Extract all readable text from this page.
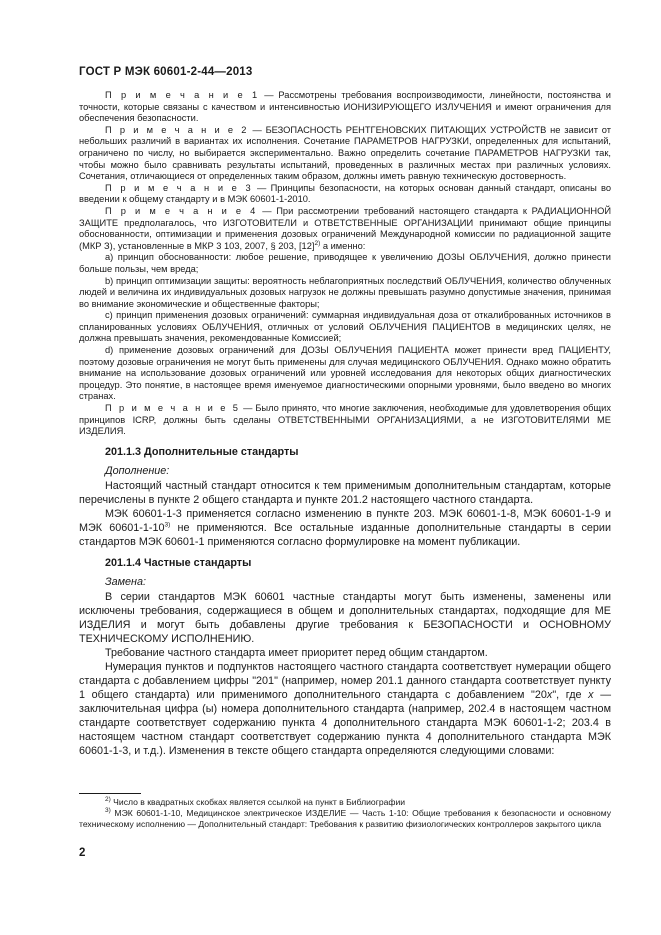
ГОСТ Р МЭК 60601-2-44—2013

П р и м е ч а н и е 1 — Рассмотрены требования воспроизводимости, линейности, постоянства и точности, которые связаны с качеством и интенсивностью ИОНИЗИРУЮЩЕГО ИЗЛУЧЕНИЯ и имеют ограничения для обеспечения безопасности.

П р и м е ч а н и е 2 — БЕЗОПАСНОСТЬ РЕНТГЕНОВСКИХ ПИТАЮЩИХ УСТРОЙСТВ не зависит от небольших различий в вариантах их исполнения. Сочетание ПАРАМЕТРОВ НАГРУЗКИ, определенных для испытаний, ограничено по числу, но выбирается экспериментально. Важно определить сочетание ПАРАМЕТРОВ НАГРУЗКИ так, чтобы можно было сравнивать результаты испытаний, проведенных в различных местах при различных условиях. Сочетания, отличающиеся от определенных таким образом, должны иметь равную техническую достоверность.

П р и м е ч а н и е 3 — Принципы безопасности, на которых основан данный стандарт, описаны во введении к общему стандарту и в МЭК 60601-1-2010.

П р и м е ч а н и е 4 — При рассмотрении требований настоящего стандарта к РАДИАЦИОННОЙ ЗАЩИТЕ предполагалось, что ИЗГОТОВИТЕЛИ и ОТВЕТСТВЕННЫЕ ОРГАНИЗАЦИИ принимают общие принципы обоснованности, оптимизации и применения дозовых ограничений Международной комиссии по радиационной защите (МКР З), установленные в МКР 3 103, 2007, § 203, $[12]^{2)}$ а именно:

a) принцип обоснованности: любое решение, приводящее к увеличению ДОЗЫ ОБЛУЧЕНИЯ, должно принести больше пользы, чем вреда;

b) принцип оптимизации защиты: вероятность неблагоприятных последствий ОБЛУЧЕНИЯ, количество облученных людей и величина их индивидуальных дозовых нагрузок не должны превышать разумно допустимые значения, принимая во внимание экономические и общественные факторы;

c) принцип применения дозовых ограничений: суммарная индивидуальная доза от откалиброванных источников в спланированных условиях ОБЛУЧЕНИЯ, отличных от условий ОБЛУЧЕНИЯ ПАЦИЕНТОВ в медицинских целях, не должна превышать значения, рекомендованные Комиссией;

d) применение дозовых ограничений для ДОЗЫ ОБЛУЧЕНИЯ ПАЦИЕНТА может принести вред ПАЦИЕНТУ, поэтому дозовые ограничения не могут быть применены для случая медицинского ОБЛУЧЕНИЯ. Однако можно обратить внимание на использование дозовых ограничений или уровней исследования для некоторых общих диагностических процедур. Это понятие, в настоящее время именуемое диагностическими опорными уровнями, было введено во многих странах.

П р и м е ч а н и е 5 — Было принято, что многие заключения, необходимые для удовлетворения общих принципов ICRP, должны быть сделаны ОТВЕТСТВЕННЫМИ ОРГАНИЗАЦИЯМИ, а не ИЗГОТОВИТЕЛЯМИ МЕ ИЗДЕЛИЯ.

201.1.3 Дополнительные стандарты
Дополнение:

Настоящий частный стандарт относится к тем применимым дополнительным стандартам, которые перечислены в пункте 2 общего стандарта и пункте 201.2 настоящего частного стандарта.

МЭК 60601-1-3 применяется согласно изменению в пункте 203. МЭК 60601-1-8, МЭК 60601-1-9 и МЭК 60601-1-10$^{3)}$ не применяются. Все остальные изданные дополнительные стандарты в серии стандартов МЭК 60601-1 применяются согласно формулировке на момент публикации.

201.1.4 Частные стандарты
Замена:

В серии стандартов МЭК 60601 частные стандарты могут быть изменены, заменены или исключены требования, содержащиеся в общем и дополнительных стандартах, подходящие для МЕ ИЗДЕЛИЯ и могут быть добавлены другие требования к БЕЗОПАСНОСТИ и ОСНОВНОМУ ТЕХНИЧЕСКОМУ ИСПОЛНЕНИЮ.

Требование частного стандарта имеет приоритет перед общим стандартом.

Нумерация пунктов и подпунктов настоящего частного стандарта соответствует нумерации общего стандарта с добавлением цифры "201" (например, номер 201.1 данного стандарта соответствует пункту 1 общего стандарта) или применимого дополнительного стандарта с добавлением "20x", где x — заключительная цифра (ы) номера дополнительного стандарта (например, 202.4 в настоящем частном стандарте соответствует содержанию пункта 4 дополнительного стандарта МЭК 60601-1-2; 203.4 в настоящем частном стандарт соответствует содержанию пункта 4 дополнительного стандарта МЭК 60601-1-3, и т.д.). Изменения в тексте общего стандарта определяются следующими словами:

$^{2)}$ Число в квадратных скобках является ссылкой на пункт в Библиографии

$^{3)}$ МЭК 60601-1-10, Медицинское электрическое ИЗДЕЛИЕ — Часть 1-10: Общие требования к безопасности и основному техническому исполнению — Дополнительный стандарт: Требования к развитию физиологических контроллеров закрытого цикла

2
